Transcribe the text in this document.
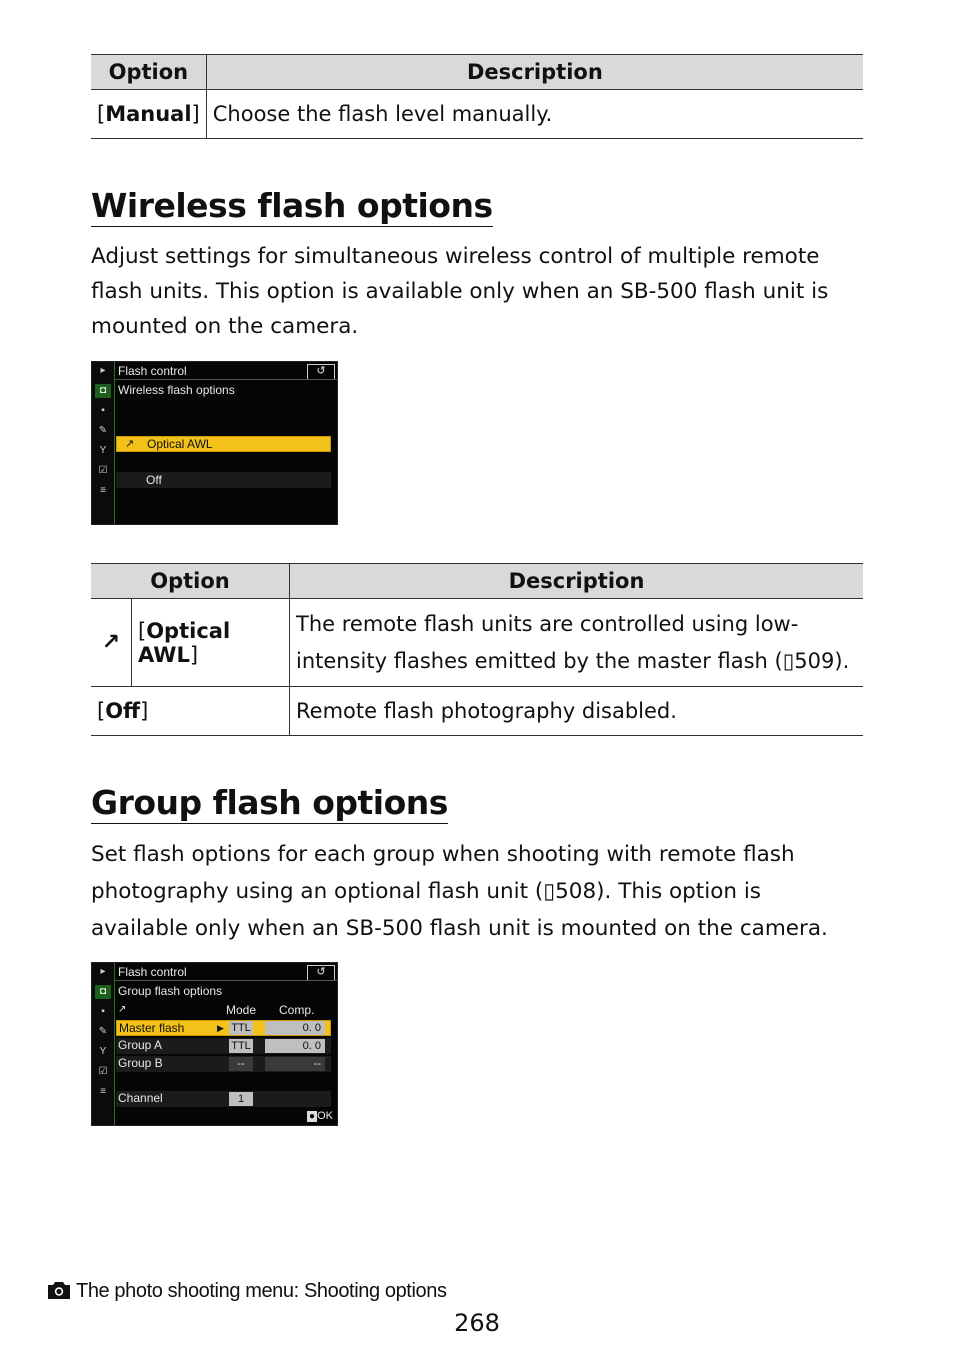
Option	Description
[Manual]	Choose the flash level manually.
Wireless flash options

Adjust settings for simultaneous wireless control of multiple remote flash units. This option is available only when an SB-500 flash unit is mounted on the camera.

▸
◘
▪
✎
Y
☑
≡
Flash control	↺
Wireless flash options
↗ Optical AWL
Off
Option		Description
↗	[Optical AWL]	The remote flash units are controlled using low-intensity flashes emitted by the master flash (▯509).
[Off]		Remote flash photography disabled.
Group flash options

Set flash options for each group when shooting with remote flash photography using an optional flash unit (▯508). This option is available only when an SB-500 flash unit is mounted on the camera.

▸
◘
▪
✎
Y
☑
≡
Flash control	↺
Group flash options
↗	Mode Comp.
Master flash	▶ TTL	0. 0
Group A	TTL	0. 0
Group B	--	--
Channel	1
● OK
The photo shooting menu: Shooting options
268
